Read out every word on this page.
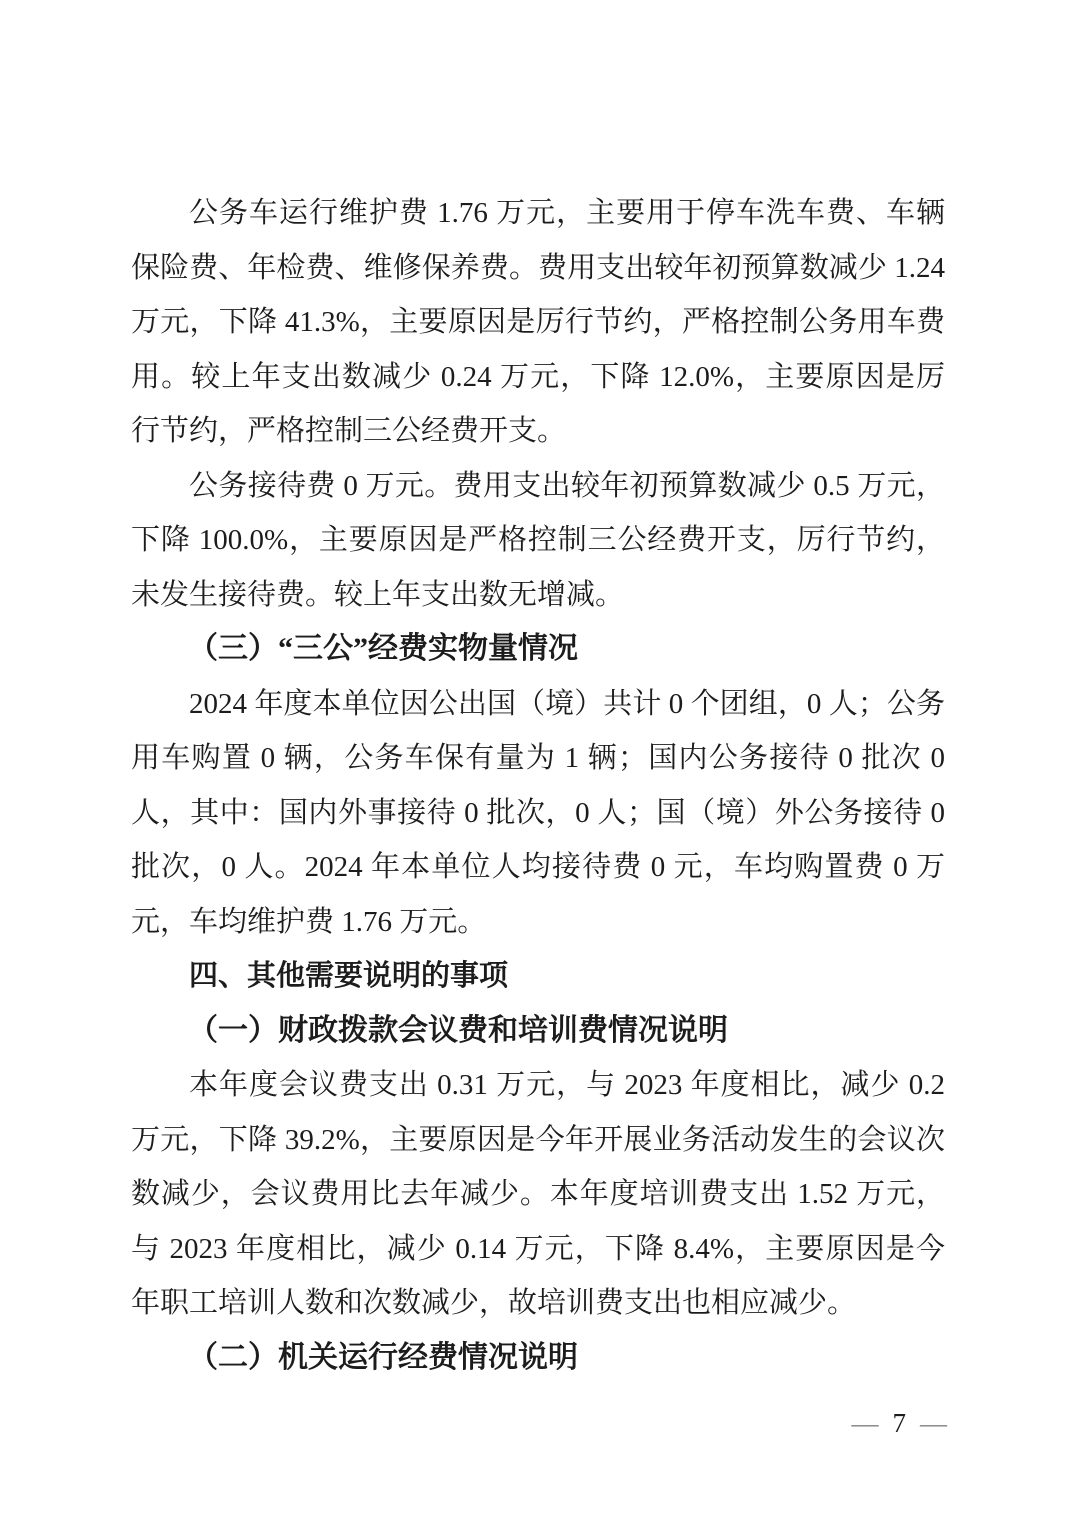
公务车运行维护费 1.76 万元，主要用于停车洗车费、车辆保险费、年检费、维修保养费。费用支出较年初预算数减少 1.24 万元，下降 41.3%，主要原因是厉行节约，严格控制公务用车费用。较上年支出数减少 0.24 万元，下降 12.0%，主要原因是厉行节约，严格控制三公经费开支。

公务接待费 0 万元。费用支出较年初预算数减少 0.5 万元，下降 100.0%，主要原因是严格控制三公经费开支，厉行节约，未发生接待费。较上年支出数无增减。

（三）“三公”经费实物量情况

2024 年度本单位因公出国（境）共计 0 个团组，0 人；公务用车购置 0 辆，公务车保有量为 1 辆；国内公务接待 0 批次 0 人，其中：国内外事接待 0 批次，0 人；国（境）外公务接待 0 批次，0 人。2024 年本单位人均接待费 0 元，车均购置费 0 万元，车均维护费 1.76 万元。

四、其他需要说明的事项
（一）财政拨款会议费和培训费情况说明

本年度会议费支出 0.31 万元，与 2023 年度相比，减少 0.2 万元，下降 39.2%，主要原因是今年开展业务活动发生的会议次数减少，会议费用比去年减少。本年度培训费支出 1.52 万元，与 2023 年度相比，减少 0.14 万元，下降 8.4%，主要原因是今年职工培训人数和次数减少，故培训费支出也相应减少。

（二）机关运行经费情况说明
— 7 —
